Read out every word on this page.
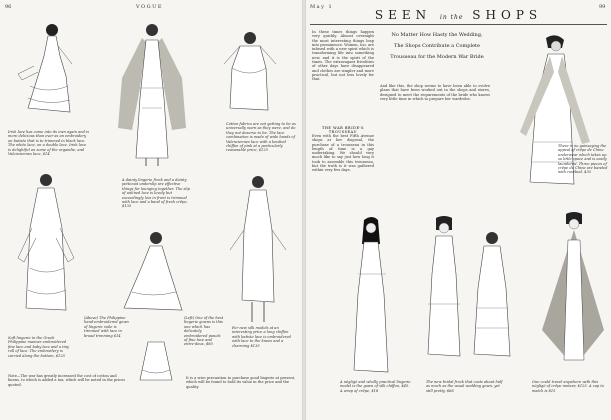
96	VOGUE
Irish lace has come into its own again and is more delicious than ever as an embroidery on batiste that is to trimmed in black lace. The white lace, on a double lace, Irish lace is delightful on some of the organdie, and Valenciennes lace, $14
A dainty lingerie frock and a dainty petticoat underslip are effective things for lounging together. The slip of unlined lace is lovely but exceedingly low in front is trimmed with lace and a band of fresh crêpe, $135
Cotton fabrics are not getting to be as universally worn as they were, and do they not deserve to be. The lace combination is made of wide bands of Valenciennes lace with a knotted chiffon of pink at a particularly reasonable price, $125
Soft lingerie in the Greek Philippine manner embroidered fine lace and baby lace and a tiny roll of lace. The embroidery is carried along the bottom, $125
(Above) The Philippine hand-embroidered gown of lingerie voile is trimmed with lace in broad trimming $14
(Left) One of the best lingerie gowns is this one which has delicately embroidered panels of fine lace and entre-deux, $85
For new silk models at an interesting price a long chiffon with batiste lace is embroidered with lace to the knees and a charming $135
Note—The war has greatly increased the cost of cotton and linens, to which is added a tax, which will be noted in the prices quoted.
It is a wise precaution to purchase good lingerie at present, which will be found to hold its value in the price and the quality.
May 1	99
SEEN in the SHOPS
In these times things happen very quickly. Almost overnight the most interesting things leap into prominence. Women, too, are infused with a new spirit which is transforming life into something new, and it is the spirit of the times. The extravagant frivolities of other days have disappeared and clothes are simpler and more practical, but not less lovely for that.
THE WAR BRIDE'S TROUSSEAU
Even with the best Fifth Avenue shops at her disposal, the purchase of a trousseau in this length of time is a gay undertaking. We should very much like to say just how long it took to assemble this trousseau, but the truth is it was gathered within very few days.
No Matter How Hasty the Wedding,
The Shops Contribute a Complete
Trousseau for the Modern War Bride
And like this, the shop seems to have been able to evolve plans that have been worked out in the shops and stores, designed to meet the requirements of the bride who knows very little time in which to prepare her wardrobe.
There is no gainsaying the appeal of crêpe de Chine underwear which takes up so little space and is easily laundered. Three pieces of crêpe de Chine are banded with rosebud, $35
A négligé and wholly practical lingerie model is the gown of silk chiffon, $45. A wrap of crêpe, $18
The new bridal frock that costs about half as much as the usual wedding gown, yet still pretty, $68
One could travel anywhere with this négligé of crêpe meteor, $125. A cap to match is $15
